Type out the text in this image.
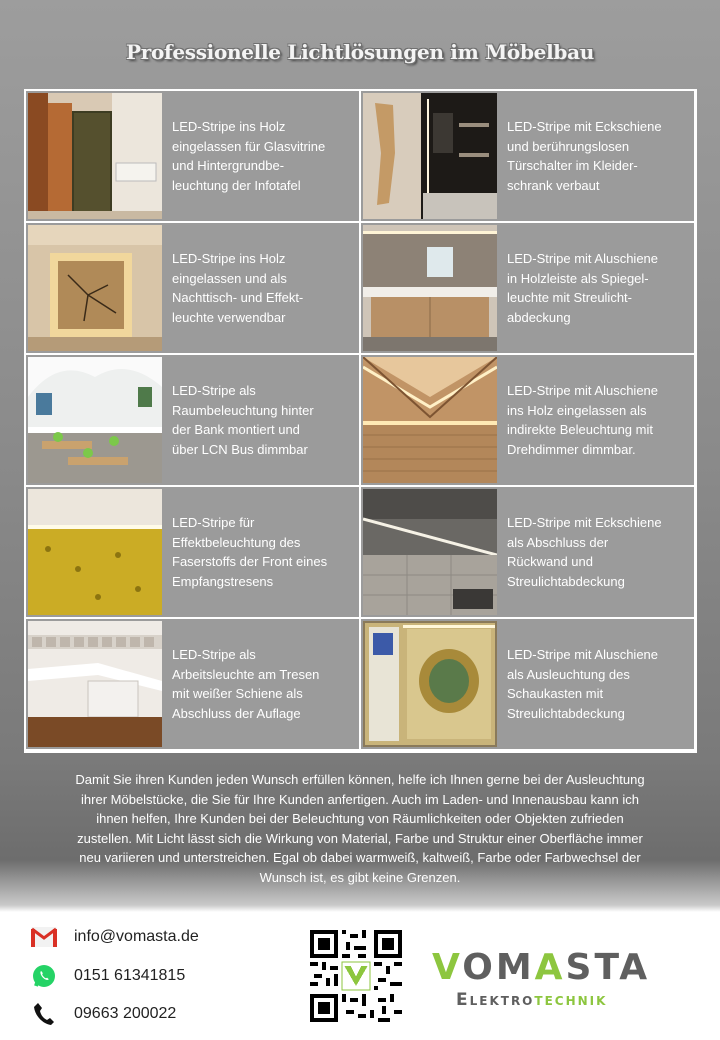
Professionelle Lichtlösungen im Möbelbau
LED-Stripe ins Holz
eingelassen für Glasvitrine
und Hintergrundbe-
leuchtung der Infotafel
LED-Stripe mit Eckschiene
und berührungslosen
Türschalter im Kleider-
schrank verbaut
LED-Stripe ins Holz
eingelassen und als
Nachttisch- und Effekt-
leuchte verwendbar
LED-Stripe mit Aluschiene
in Holzleiste als Spiegel-
leuchte mit Streulicht-
abdeckung
LED-Stripe als
Raumbeleuchtung hinter
der Bank montiert und
über LCN Bus dimmbar
LED-Stripe mit Aluschiene
ins Holz eingelassen als
indirekte Beleuchtung mit
Drehdimmer dimmbar.
LED-Stripe für
Effektbeleuchtung des
Faserstoffs der Front eines
Empfangstresens
LED-Stripe mit Eckschiene
als Abschluss der
Rückwand und
Streulichtabdeckung
LED-Stripe als
Arbeitsleuchte am Tresen
mit weißer Schiene als
Abschluss der Auflage
LED-Stripe mit Aluschiene
als Ausleuchtung des
Schaukasten mit
Streulichtabdeckung
Damit Sie ihren Kunden jeden Wunsch erfüllen können, helfe ich Ihnen gerne bei der Ausleuchtung
ihrer Möbelstücke, die Sie für Ihre Kunden anfertigen. Auch im Laden- und Innenausbau kann ich
ihnen helfen, Ihre Kunden bei der Beleuchtung von Räumlichkeiten oder Objekten zufrieden
zustellen. Mit Licht lässt sich die Wirkung von Material, Farbe und Struktur einer Oberfläche immer
neu variieren und unterstreichen. Egal ob dabei warmweiß, kaltweiß, Farbe oder Farbwechsel der
Wunsch ist, es gibt keine Grenzen.
info@vomasta.de
0151 61341815
09663 200022
VOMASTA
Elektrotechnik
